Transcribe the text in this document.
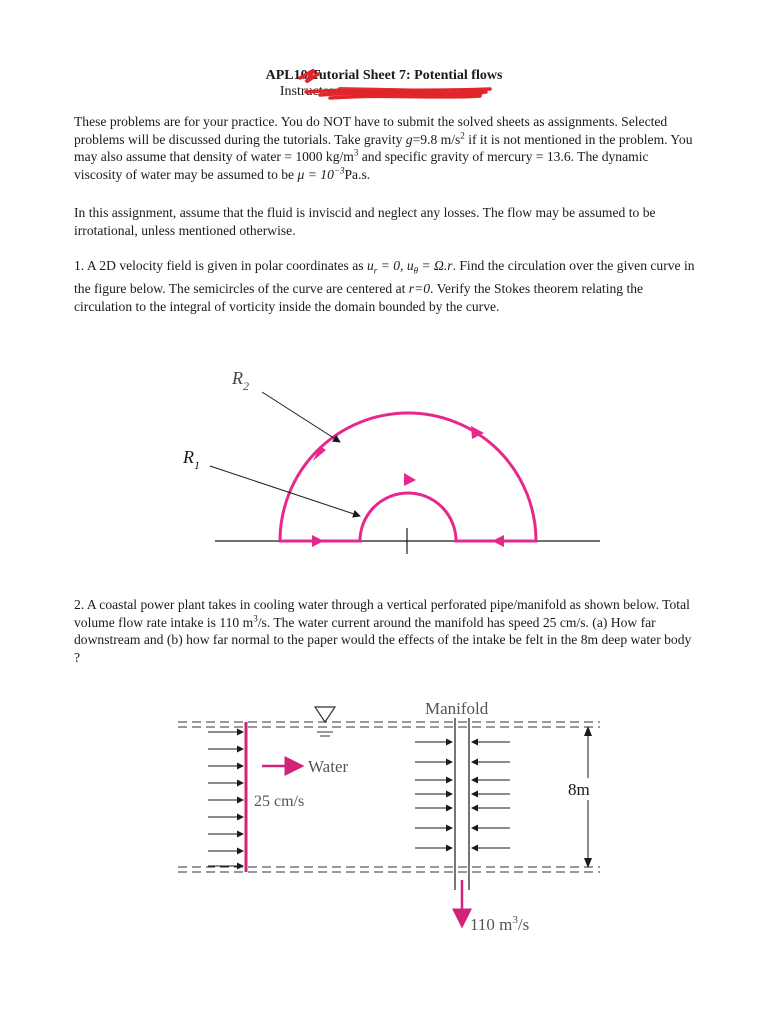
APL10 Tutorial Sheet 7: Potential flows
Instructor:

These problems are for your practice. You do NOT have to submit the solved sheets as assignments. Selected problems will be discussed during the tutorials. Take gravity g=9.8 $m/s^2$ if it is not mentioned in the problem. You may also assume that density of water = 1000 $kg/m^3$ and specific gravity of mercury = 13.6. The dynamic viscosity of water may be assumed to be $\mu = 10^{-3}Pa.s$.

In this assignment, assume that the fluid is inviscid and neglect any losses. The flow may be assumed to be irrotational, unless mentioned otherwise.

1. A 2D velocity field is given in polar coordinates as $u_r = 0$, $u_\theta = \Omega.r$. Find the circulation over the given curve in the figure below. The semicircles of the curve are centered at r=0. Verify the Stokes theorem relating the circulation to the integral of vorticity inside the domain bounded by the curve.

$R_2$
$R_1$

2. A coastal power plant takes in cooling water through a vertical perforated pipe/manifold as shown below. Total volume flow rate intake is 110 $m^3/s$. The water current around the manifold has speed 25 cm/s. (a) How far downstream and (b) how far normal to the paper would the effects of the intake be felt in the 8m deep water body ?

Water
25 cm/s
Manifold
110 $m^3/s$
8m
